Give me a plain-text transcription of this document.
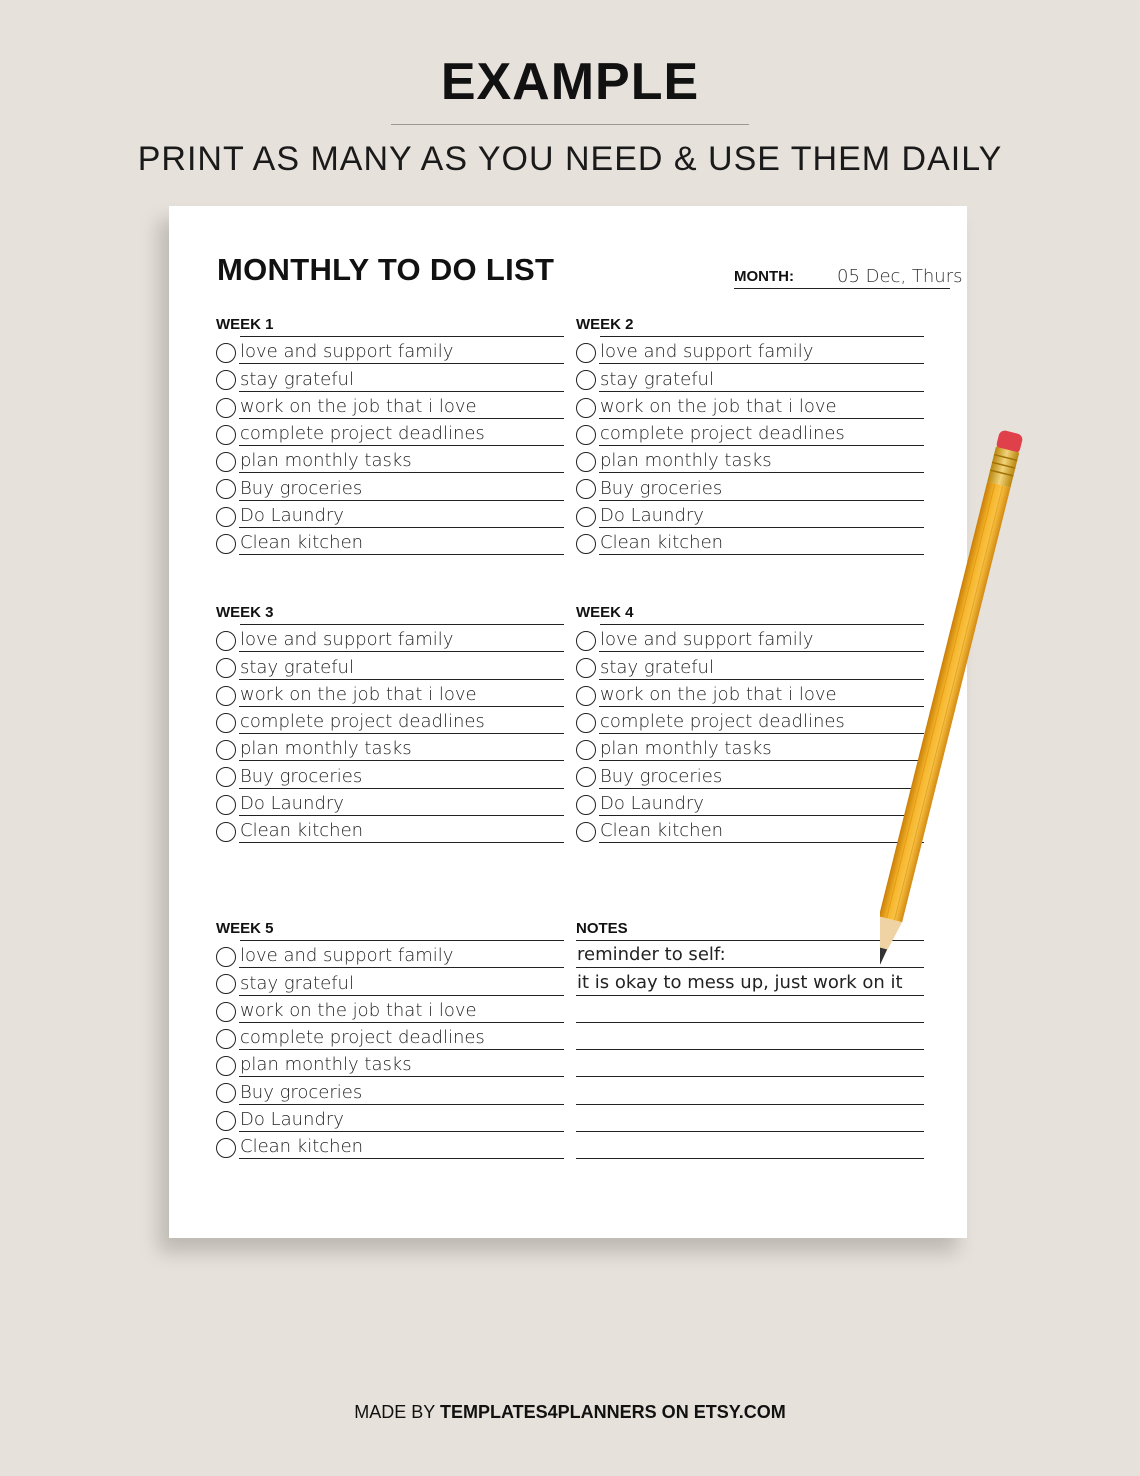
EXAMPLE
PRINT AS MANY AS YOU NEED & USE THEM DAILY
MONTHLY TO DO LIST	MONTH: 05 Dec, Thurs
WEEK 1
love and support family
stay grateful
work on the job that i love
complete project deadlines
plan monthly tasks
Buy groceries
Do Laundry
Clean kitchen
WEEK 2
love and support family
stay grateful
work on the job that i love
complete project deadlines
plan monthly tasks
Buy groceries
Do Laundry
Clean kitchen
WEEK 3
love and support family
stay grateful
work on the job that i love
complete project deadlines
plan monthly tasks
Buy groceries
Do Laundry
Clean kitchen
WEEK 4
love and support family
stay grateful
work on the job that i love
complete project deadlines
plan monthly tasks
Buy groceries
Do Laundry
Clean kitchen
WEEK 5
love and support family
stay grateful
work on the job that i love
complete project deadlines
plan monthly tasks
Buy groceries
Do Laundry
Clean kitchen
NOTES
reminder to self:
it is okay to mess up, just work on it
MADE BY TEMPLATES4PLANNERS ON ETSY.COM
